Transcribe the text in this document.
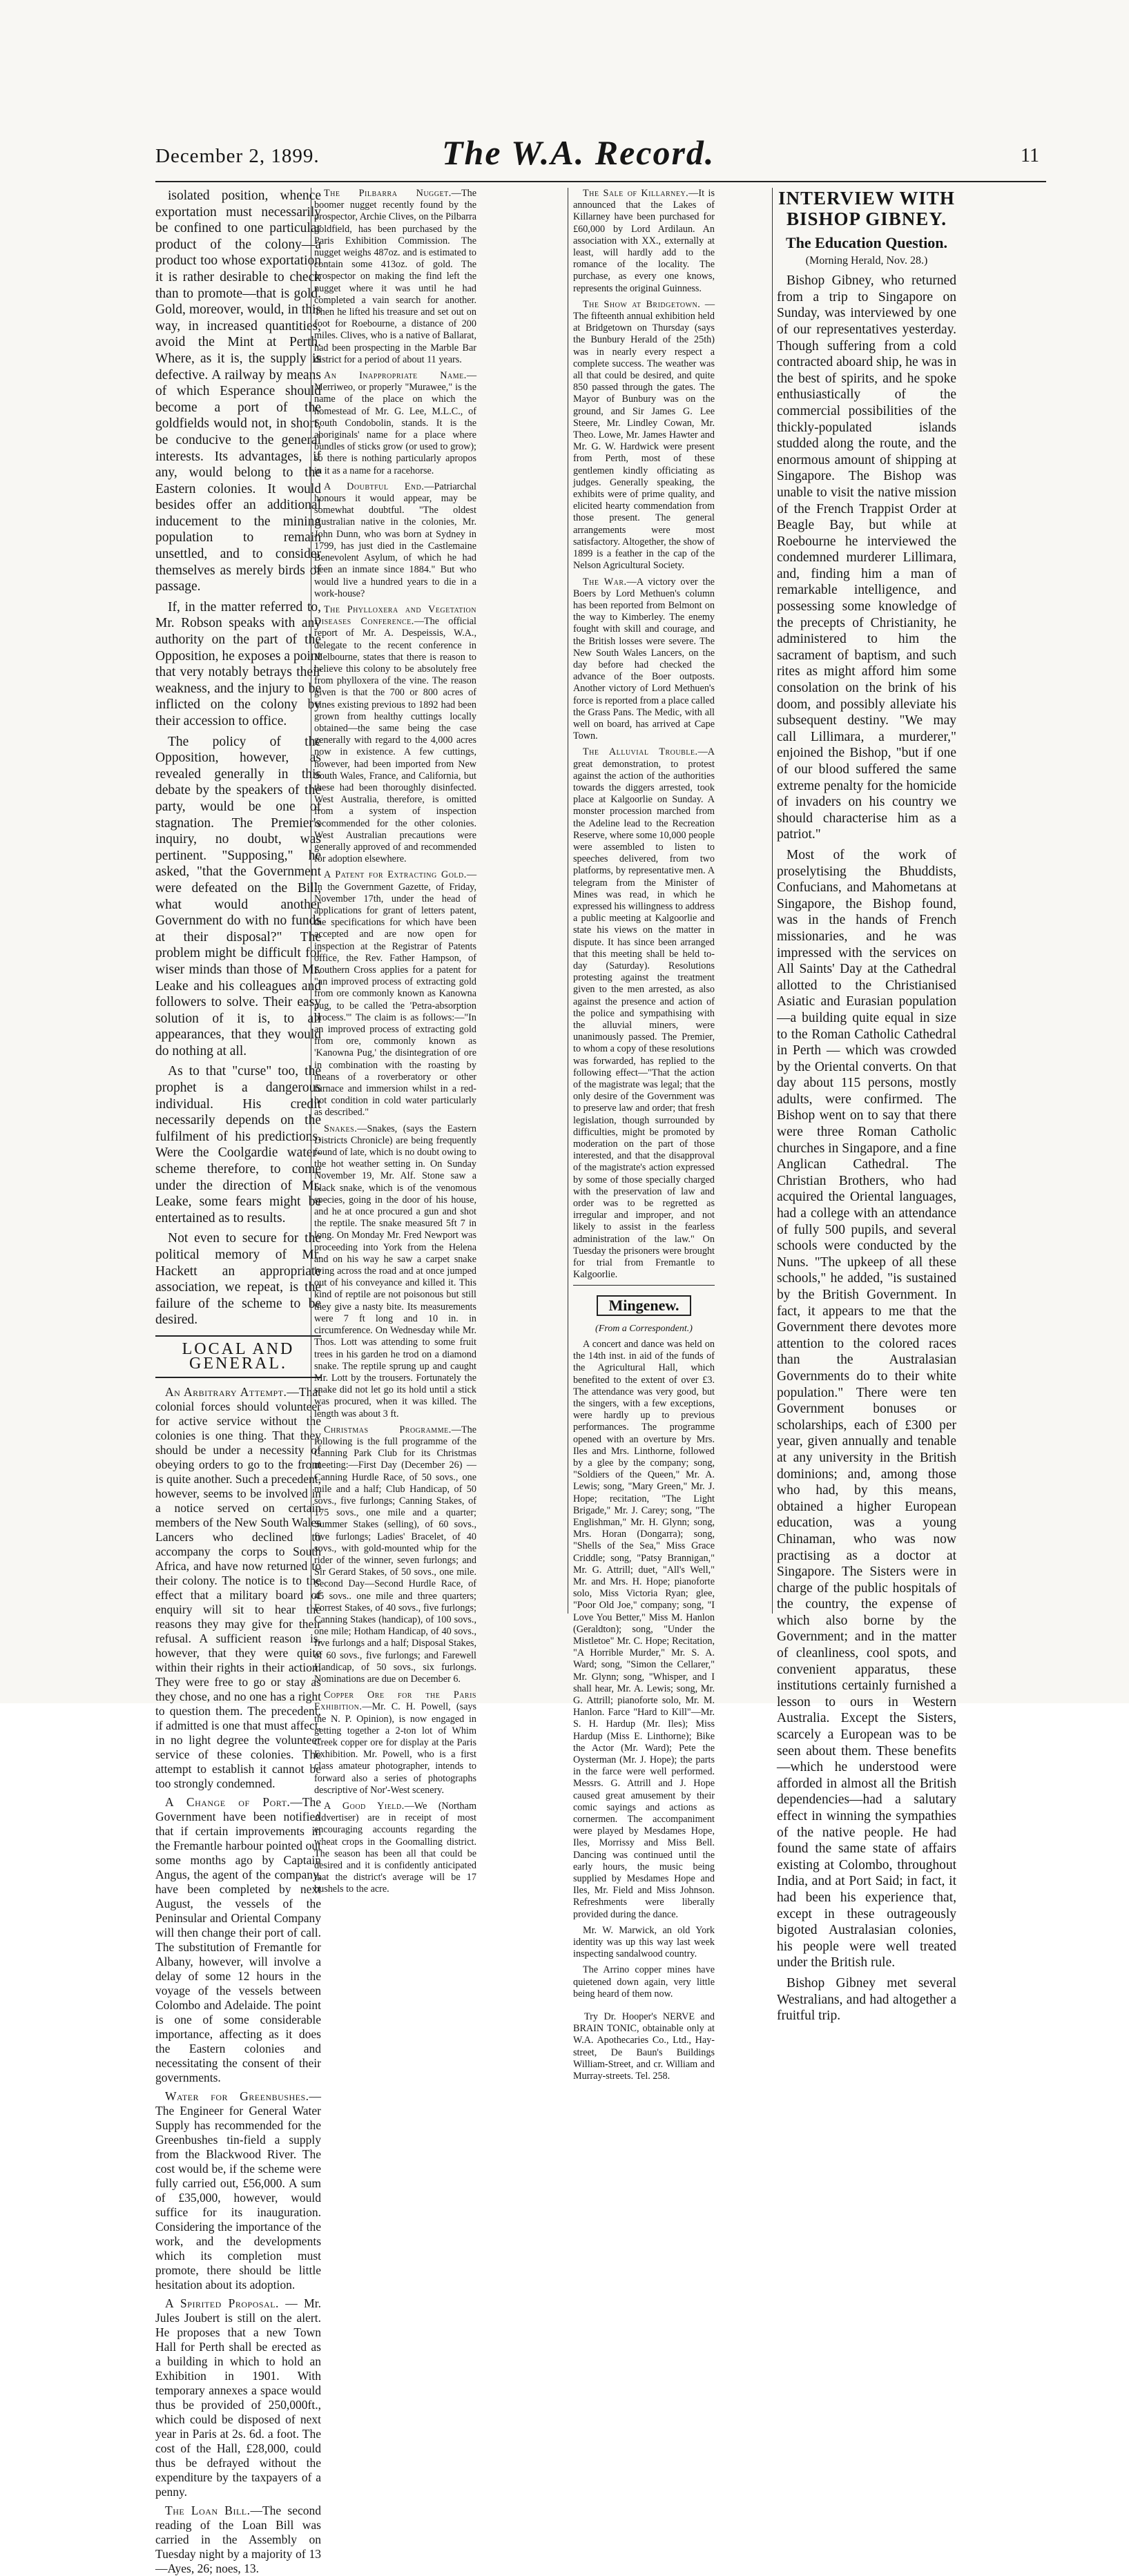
December 2, 1899.	The W.A. Record.	11

isolated position, whence exportation must necessarily be confined to one particular product of the colony—a product too whose exportation it is rather desirable to check than to promote—that is gold. Gold, moreover, would, in this way, in increased quantities, avoid the Mint at Perth. Where, as it is, the supply is defective. A railway by means of which Esperance should become a port of the goldfields would not, in short, be conducive to the general interests. Its advantages, if any, would belong to the Eastern colonies. It would besides offer an additional inducement to the mining population to remain unsettled, and to consider themselves as merely birds of passage.

If, in the matter referred to, Mr. Robson speaks with any authority on the part of the Opposition, he exposes a point that very notably betrays their weakness, and the injury to be inflicted on the colony by their accession to office.

The policy of the Opposition, however, as revealed generally in this debate by the speakers of the party, would be one of stagnation. The Premier's inquiry, no doubt, was pertinent. "Supposing," he asked, "that the Government were defeated on the Bill, what would another Government do with no funds at their disposal?" The problem might be difficult for wiser minds than those of Mr. Leake and his colleagues and followers to solve. Their easy solution of it is, to all appearances, that they would do nothing at all.

As to that "curse" too, the prophet is a dangerous individual. His credit necessarily depends on the fulfilment of his predictions. Were the Coolgardie water-scheme therefore, to come under the direction of Mr. Leake, some fears might be entertained as to results.

Not even to secure for the political memory of Mr. Hackett an appropriate association, we repeat, is the failure of the scheme to be desired.

LOCAL AND GENERAL.

An Arbitrary Attempt.—That colonial forces should volunteer for active service without the colonies is one thing. That they should be under a necessity of obeying orders to go to the front is quite another. Such a precedent, however, seems to be involved in a notice served on certain members of the New South Wales Lancers who declined to accompany the corps to South Africa, and have now returned to their colony. The notice is to the effect that a military board of enquiry will sit to hear the reasons they may give for their refusal. A sufficient reason is, however, that they were quite within their rights in their action. They were free to go or stay as they chose, and no one has a right to question them. The precedent, if admitted is one that must affect, in no light degree the volunteer service of these colonies. The attempt to establish it cannot be too strongly condemned.

A Change of Port.—The Government have been notified that if certain improvements in the Fremantle harbour pointed out some months ago by Captain Angus, the agent of the company, have been completed by next August, the vessels of the Peninsular and Oriental Company will then change their port of call. The substitution of Fremantle for Albany, however, will involve a delay of some 12 hours in the voyage of the vessels between Colombo and Adelaide. The point is one of some considerable importance, affecting as it does the Eastern colonies and necessitating the consent of their governments.

Water for Greenbushes.—The Engineer for General Water Supply has recommended for the Greenbushes tin-field a supply from the Blackwood River. The cost would be, if the scheme were fully carried out, £56,000. A sum of £35,000, however, would suffice for its inauguration. Considering the importance of the work, and the developments which its completion must promote, there should be little hesitation about its adoption.

A Spirited Proposal. — Mr. Jules Joubert is still on the alert. He proposes that a new Town Hall for Perth shall be erected as a building in which to hold an Exhibition in 1901. With temporary annexes a space would thus be provided of 250,000ft., which could be disposed of next year in Paris at 2s. 6d. a foot. The cost of the Hall, £28,000, could thus be defrayed without the expenditure by the taxpayers of a penny.

The Loan Bill.—The second reading of the Loan Bill was carried in the Assembly on Tuesday night by a majority of 13—Ayes, 26; noes, 13.

The Pilbarra Nugget.—The boomer nugget recently found by the prospector, Archie Clives, on the Pilbarra goldfield, has been purchased by the Paris Exhibition Commission. The nugget weighs 487oz. and is estimated to contain some 413oz. of gold. The prospector on making the find left the nugget where it was until he had completed a vain search for another. Then he lifted his treasure and set out on foot for Roebourne, a distance of 200 miles. Clives, who is a native of Ballarat, had been prospecting in the Marble Bar district for a period of about 11 years.

An Inappropriate Name.—Merriweo, or properly "Murawee," is the name of the place on which the homestead of Mr. G. Lee, M.L.C., of South Condobolin, stands. It is the aboriginals' name for a place where bundles of sticks grow (or used to grow); so there is nothing particularly apropos in it as a name for a racehorse.

A Doubtful End.—Patriarchal honours it would appear, may be somewhat doubtful. "The oldest Australian native in the colonies, Mr. John Dunn, who was born at Sydney in 1799, has just died in the Castlemaine Benevolent Asylum, of which he had been an inmate since 1884." But who would live a hundred years to die in a work-house?

The Phylloxera and Vegetation Diseases Conference.—The official report of Mr. A. Despeissis, W.A., delegate to the recent conference in Melbourne, states that there is reason to believe this colony to be absolutely free from phylloxera of the vine. The reason given is that the 700 or 800 acres of vines existing previous to 1892 had been grown from healthy cuttings locally obtained—the same being the case generally with regard to the 4,000 acres now in existence. A few cuttings, however, had been imported from New South Wales, France, and California, but these had been thoroughly disinfected. West Australia, therefore, is omitted from a system of inspection recommended for the other colonies. West Australian precautions were generally approved of and recommended for adoption elsewhere.

A Patent for Extracting Gold.—In the Government Gazette, of Friday, November 17th, under the head of applications for grant of letters patent, the specifications for which have been accepted and are now open for inspection at the Registrar of Patents office, the Rev. Father Hampson, of Southern Cross applies for a patent for "an improved process of extracting gold from ore commonly known as Kanowna pug, to be called the 'Petra-absorption process.'" The claim is as follows:—"In an improved process of extracting gold from ore, commonly known as 'Kanowna Pug,' the disintegration of ore in combination with the roasting by means of a roverberatory or other furnace and immersion whilst in a red-hot condition in cold water particularly as described."

Snakes.—Snakes, (says the Eastern Districts Chronicle) are being frequently found of late, which is no doubt owing to the hot weather setting in. On Sunday November 19, Mr. Alf. Stone saw a black snake, which is of the venomous species, going in the door of his house, and he at once procured a gun and shot the reptile. The snake measured 5ft 7 in long. On Monday Mr. Fred Newport was proceeding into York from the Helena and on his way he saw a carpet snake lying across the road and at once jumped out of his conveyance and killed it. This kind of reptile are not poisonous but still they give a nasty bite. Its measurements were 7 ft long and 10 in. in circumference. On Wednesday while Mr. Thos. Lott was attending to some fruit trees in his garden he trod on a diamond snake. The reptile sprung up and caught Mr. Lott by the trousers. Fortunately the snake did not let go its hold until a stick was procured, when it was killed. The length was about 3 ft.

Christmas Programme.—The following is the full programme of the Canning Park Club for its Christmas meeting:—First Day (December 26) — Canning Hurdle Race, of 50 sovs., one mile and a half; Club Handicap, of 50 sovs., five furlongs; Canning Stakes, of 175 sovs., one mile and a quarter; Summer Stakes (selling), of 60 sovs., five furlongs; Ladies' Bracelet, of 40 sovs., with gold-mounted whip for the rider of the winner, seven furlongs; and Sir Gerard Stakes, of 50 sovs., one mile. Second Day—Second Hurdle Race, of 45 sovs.. one mile and three quarters; Forrest Stakes, of 40 sovs., five furlongs; Canning Stakes (handicap), of 100 sovs., one mile; Hotham Handicap, of 40 sovs., five furlongs and a half; Disposal Stakes, of 60 sovs., five furlongs; and Farewell Handicap, of 50 sovs., six furlongs. Nominations are due on December 6.

Copper Ore for the Paris Exhibition.—Mr. C. H. Powell, (says the N. P. Opinion), is now engaged in getting together a 2-ton lot of Whim Creek copper ore for display at the Paris Exhibition. Mr. Powell, who is a first class amateur photographer, intends to forward also a series of photographs descriptive of Nor'-West scenery.

A Good Yield.—We (Northam Advertiser) are in receipt of most encouraging accounts regarding the wheat crops in the Goomalling district. The season has been all that could be desired and it is confidently anticipated that the district's average will be 17 bushels to the acre.

The Sale of Killarney.—It is announced that the Lakes of Killarney have been purchased for £60,000 by Lord Ardilaun. An association with XX., externally at least, will hardly add to the romance of the locality. The purchase, as every one knows, represents the original Guinness.

The Show at Bridgetown. — The fifteenth annual exhibition held at Bridgetown on Thursday (says the Bunbury Herald of the 25th) was in nearly every respect a complete success. The weather was all that could be desired, and quite 850 passed through the gates. The Mayor of Bunbury was on the ground, and Sir James G. Lee Steere, Mr. Lindley Cowan, Mr. Theo. Lowe, Mr. James Hawter and Mr. G. W. Hardwick were present from Perth, most of these gentlemen kindly officiating as judges. Generally speaking, the exhibits were of prime quality, and elicited hearty commendation from those present. The general arrangements were most satisfactory. Altogether, the show of 1899 is a feather in the cap of the Nelson Agricultural Society.

The War.—A victory over the Boers by Lord Methuen's column has been reported from Belmont on the way to Kimberley. The enemy fought with skill and courage, and the British losses were severe. The New South Wales Lancers, on the day before had checked the advance of the Boer outposts. Another victory of Lord Methuen's force is reported from a place called the Grass Pans. The Medic, with all well on board, has arrived at Cape Town.

The Alluvial Trouble.—A great demonstration, to protest against the action of the authorities towards the diggers arrested, took place at Kalgoorlie on Sunday. A monster procession marched from the Adeline lead to the Recreation Reserve, where some 10,000 people were assembled to listen to speeches delivered, from two platforms, by representative men. A telegram from the Minister of Mines was read, in which he expressed his willingness to address a public meeting at Kalgoorlie and state his views on the matter in dispute. It has since been arranged that this meeting shall be held to-day (Saturday). Resolutions protesting against the treatment given to the men arrested, as also against the presence and action of the police and sympathising with the alluvial miners, were unanimously passed. The Premier, to whom a copy of these resolutions was forwarded, has replied to the following effect—"That the action of the magistrate was legal; that the only desire of the Government was to preserve law and order; that fresh legislation, though surrounded by difficulties, might be promoted by moderation on the part of those interested, and that the disapproval of the magistrate's action expressed by some of those specially charged with the preservation of law and order was to be regretted as irregular and improper, and not likely to assist in the fearless administration of the law." On Tuesday the prisoners were brought for trial from Fremantle to Kalgoorlie.

Mingenew.
(From a Correspondent.)

A concert and dance was held on the 14th inst. in aid of the funds of the Agricultural Hall, which benefited to the extent of over £3. The attendance was very good, but the singers, with a few exceptions, were hardly up to previous performances. The programme opened with an overture by Mrs. Iles and Mrs. Linthorne, followed by a glee by the company; song, "Soldiers of the Queen," Mr. A. Lewis; song, "Mary Green," Mr. J. Hope; recitation, "The Light Brigade," Mr. J. Carey; song, "The Englishman," Mr. H. Glynn; song, Mrs. Horan (Dongarra); song, "Shells of the Sea," Miss Grace Criddle; song, "Patsy Brannigan," Mr. G. Attrill; duet, "All's Well," Mr. and Mrs. H. Hope; pianoforte solo, Miss Victoria Ryan; glee, "Poor Old Joe," company; song, "I Love You Better," Miss M. Hanlon (Geraldton); song, "Under the Mistletoe" Mr. C. Hope; Recitation, "A Horrible Murder," Mr. S. A. Ward; song, "Simon the Cellarer," Mr. Glynn; song, "Whisper, and I shall hear, Mr. A. Lewis; song, Mr. G. Attrill; pianoforte solo, Mr. M. Hanlon. Farce "Hard to Kill"—Mr. S. H. Hardup (Mr. Iles); Miss Hardup (Miss E. Linthorne); Bike the Actor (Mr. Ward); Pete the Oysterman (Mr. J. Hope); the parts in the farce were well performed. Messrs. G. Attrill and J. Hope caused great amusement by their comic sayings and actions as cornermen. The accompaniment were played by Mesdames Hope, Iles, Morrissy and Miss Bell. Dancing was continued until the early hours, the music being supplied by Mesdames Hope and Iles, Mr. Field and Miss Johnson. Refreshments were liberally provided during the dance.

Mr. W. Marwick, an old York identity was up this way last week inspecting sandalwood country.

The Arrino copper mines have quietened down again, very little being heard of them now.

Try Dr. Hooper's NERVE and BRAIN TONIC, obtainable only at W.A. Apothecaries Co., Ltd., Hay-street, De Baun's Buildings William-Street, and cr. William and Murray-streets. Tel. 258.
INTERVIEW WITH BISHOP GIBNEY.
The Education Question.
(Morning Herald, Nov. 28.)

Bishop Gibney, who returned from a trip to Singapore on Sunday, was interviewed by one of our representatives yesterday. Though suffering from a cold contracted aboard ship, he was in the best of spirits, and he spoke enthusiastically of the commercial possibilities of the thickly-populated islands studded along the route, and the enormous amount of shipping at Singapore. The Bishop was unable to visit the native mission of the French Trappist Order at Beagle Bay, but while at Roebourne he interviewed the condemned murderer Lillimara, and, finding him a man of remarkable intelligence, and possessing some knowledge of the precepts of Christianity, he administered to him the sacrament of baptism, and such rites as might afford him some consolation on the brink of his doom, and possibly alleviate his subsequent destiny. "We may call Lillimara, a murderer," enjoined the Bishop, "but if one of our blood suffered the same extreme penalty for the homicide of invaders on his country we should characterise him as a patriot."

Most of the work of proselytising the Bhuddists, Confucians, and Mahometans at Singapore, the Bishop found, was in the hands of French missionaries, and he was impressed with the services on All Saints' Day at the Cathedral allotted to the Christianised Asiatic and Eurasian population—a building quite equal in size to the Roman Catholic Cathedral in Perth — which was crowded by the Oriental converts. On that day about 115 persons, mostly adults, were confirmed. The Bishop went on to say that there were three Roman Catholic churches in Singapore, and a fine Anglican Cathedral. The Christian Brothers, who had acquired the Oriental languages, had a college with an attendance of fully 500 pupils, and several schools were conducted by the Nuns. "The upkeep of all these schools," he added, "is sustained by the British Government. In fact, it appears to me that the Government there devotes more attention to the colored races than the Australasian Governments do to their white population." There were ten Government bonuses or scholarships, each of £300 per year, given annually and tenable at any university in the British dominions; and, among those who had, by this means, obtained a higher European education, was a young Chinaman, who was now practising as a doctor at Singapore. The Sisters were in charge of the public hospitals of the country, the expense of which also borne by the Government; and in the matter of cleanliness, cool spots, and convenient apparatus, these institutions certainly furnished a lesson to ours in Western Australia. Except the Sisters, scarcely a European was to be seen about them. These benefits—which he understood were afforded in almost all the British dependencies—had a salutary effect in winning the sympathies of the native people. He had found the same state of affairs existing at Colombo, throughout India, and at Port Said; in fact, it had been his experience that, except in these outrageously bigoted Australasian colonies, his people were well treated under the British rule.

Bishop Gibney met several Westralians, and had altogether a fruitful trip.
